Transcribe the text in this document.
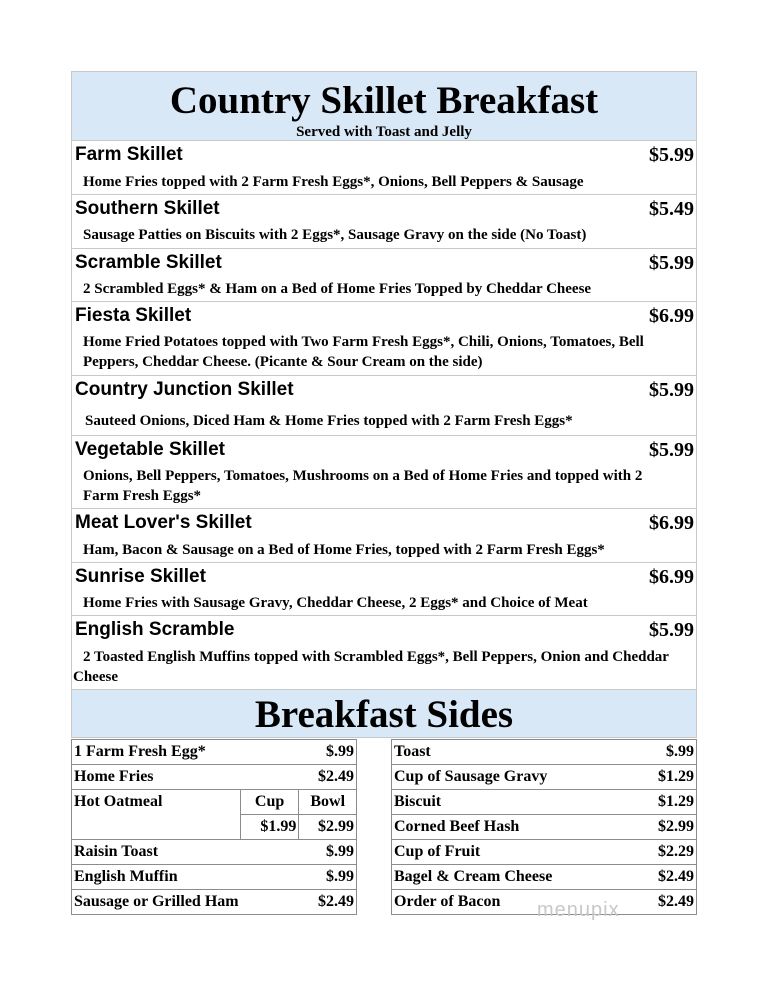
Country Skillet Breakfast
Served with Toast and Jelly
Farm Skillet	$5.99
Home Fries topped with 2 Farm Fresh Eggs*, Onions, Bell Peppers & Sausage
Southern Skillet	$5.49
Sausage Patties on Biscuits with 2 Eggs*, Sausage Gravy on the side (No Toast)
Scramble Skillet	$5.99
2 Scrambled Eggs* & Ham on a Bed of Home Fries Topped by Cheddar Cheese
Fiesta Skillet	$6.99
Home Fried Potatoes topped with Two Farm Fresh Eggs*, Chili, Onions, Tomatoes, Bell Peppers, Cheddar Cheese. (Picante & Sour Cream on the side)
Country Junction Skillet	$5.99
Sauteed Onions, Diced Ham & Home Fries topped with 2 Farm Fresh Eggs*
Vegetable Skillet	$5.99
Onions, Bell Peppers, Tomatoes, Mushrooms on a Bed of Home Fries and topped with 2 Farm Fresh Eggs*
Meat Lover's Skillet	$6.99
Ham, Bacon & Sausage on a Bed of Home Fries, topped with 2 Farm Fresh Eggs*
Sunrise Skillet	$6.99
Home Fries with Sausage Gravy, Cheddar Cheese, 2 Eggs* and Choice of Meat
English Scramble	$5.99
2 Toasted English Muffins topped with Scrambled Eggs*, Bell Peppers, Onion and Cheddar Cheese
Breakfast Sides
1 Farm Fresh Egg*		$.99
Home Fries		$2.49
Hot Oatmeal	Cup	Bowl
	$1.99	$2.99
Raisin Toast		$.99
English Muffin		$.99
Sausage or Grilled Ham		$2.49
Toast	$.99
Cup of Sausage Gravy	$1.29
Biscuit	$1.29
Corned Beef Hash	$2.99
Cup of Fruit	$2.29
Bagel & Cream Cheese	$2.49
Order of Bacon	$2.49
menupix
